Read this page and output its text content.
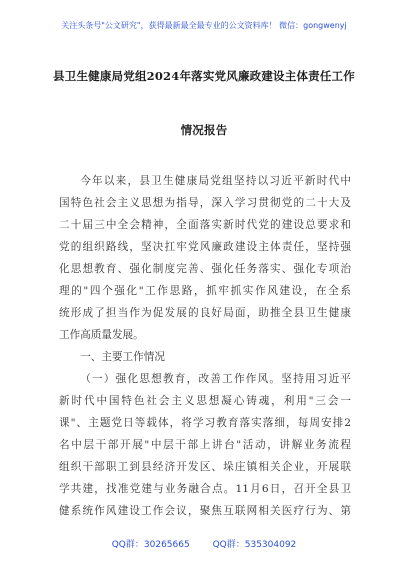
关注头条号"公文研究"，获得最新最全最专业的公文资料库！ 微信：gongwenyj
县卫生健康局党组2024年落实党风廉政建设主体责任工作
情况报告

今年以来，县卫生健康局党组坚持以习近平新时代中

国特色社会主义思想为指导，深入学习贯彻党的二十大及

二十届三中全会精神，全面落实新时代党的建设总要求和

党的组织路线，坚决扛牢党风廉政建设主体责任，坚持强

化思想教育、强化制度完善、强化任务落实、强化专项治

理的"四个强化"工作思路，抓牢抓实作风建设，在全系

统形成了担当作为促发展的良好局面，助推全县卫生健康

工作高质量发展。

一、主要工作情况

（一）强化思想教育，改善工作作风。坚持用习近平

新时代中国特色社会主义思想凝心铸魂，利用"三会一

课"、主题党日等载体，将学习教育落实落细，每周安排2

名中层干部开展"中层干部上讲台"活动，讲解业务流程

组织干部职工到县经济开发区、垛庄镇相关企业，开展联

学共建，找准党建与业务融合点。11月6日，召开全县卫

健系统作风建设工作会议，聚焦互联网相关医疗行为、第

QQ群：30265665	QQ群：535304092
